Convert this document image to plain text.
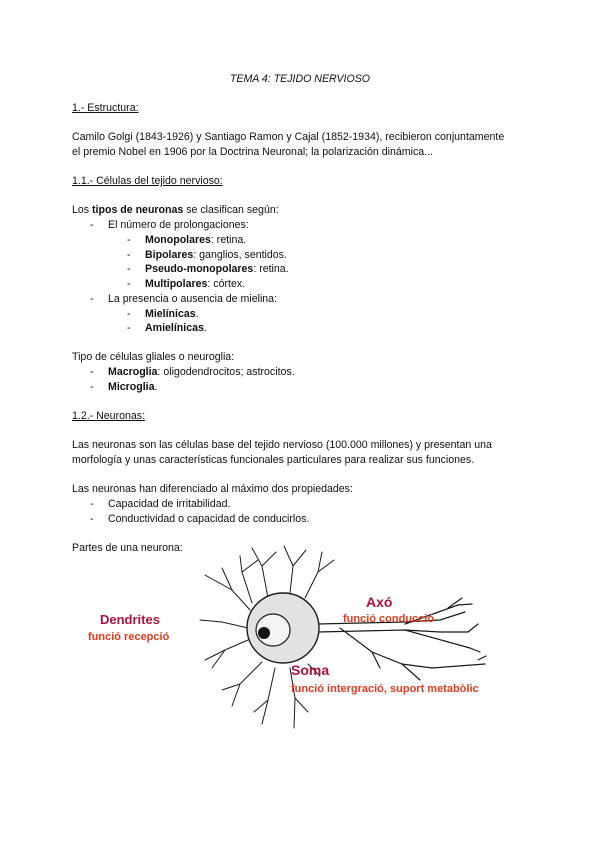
TEMA 4: TEJIDO NERVIOSO
1.- Estructura:
Camilo Golgi (1843-1926) y Santiago Ramon y Cajal (1852-1934), recibieron conjuntamente
el premio Nobel en 1906 por la Doctrina Neuronal; la polarización dinámica...
1.1.- Células del tejido nervioso:
Los tipos de neuronas se clasifican según:
- El número de prolongaciones:
- Monopolares: retina.
- Bipolares: ganglios, sentidos.
- Pseudo-monopolares: retina.
- Multipolares: córtex.
- La presencia o ausencia de mielina:
- Mielínicas.
- Amielínicas.
Tipo de células gliales o neuroglia:
- Macroglia: oligodendrocitos; astrocitos.
- Microglia.
1.2.- Neuronas:
Las neuronas son las células base del tejido nervioso (100.000 millones) y presentan una
morfología y unas características funcionales particulares para realizar sus funciones.
Las neuronas han diferenciado al máximo dos propiedades:
- Capacidad de irritabilidad.
- Conductividad o capacidad de conducirlos.
Partes de una neurona:
Dendrites
funció recepció
Axó
funció conducció
Soma
funció intergració, suport metabòlic
